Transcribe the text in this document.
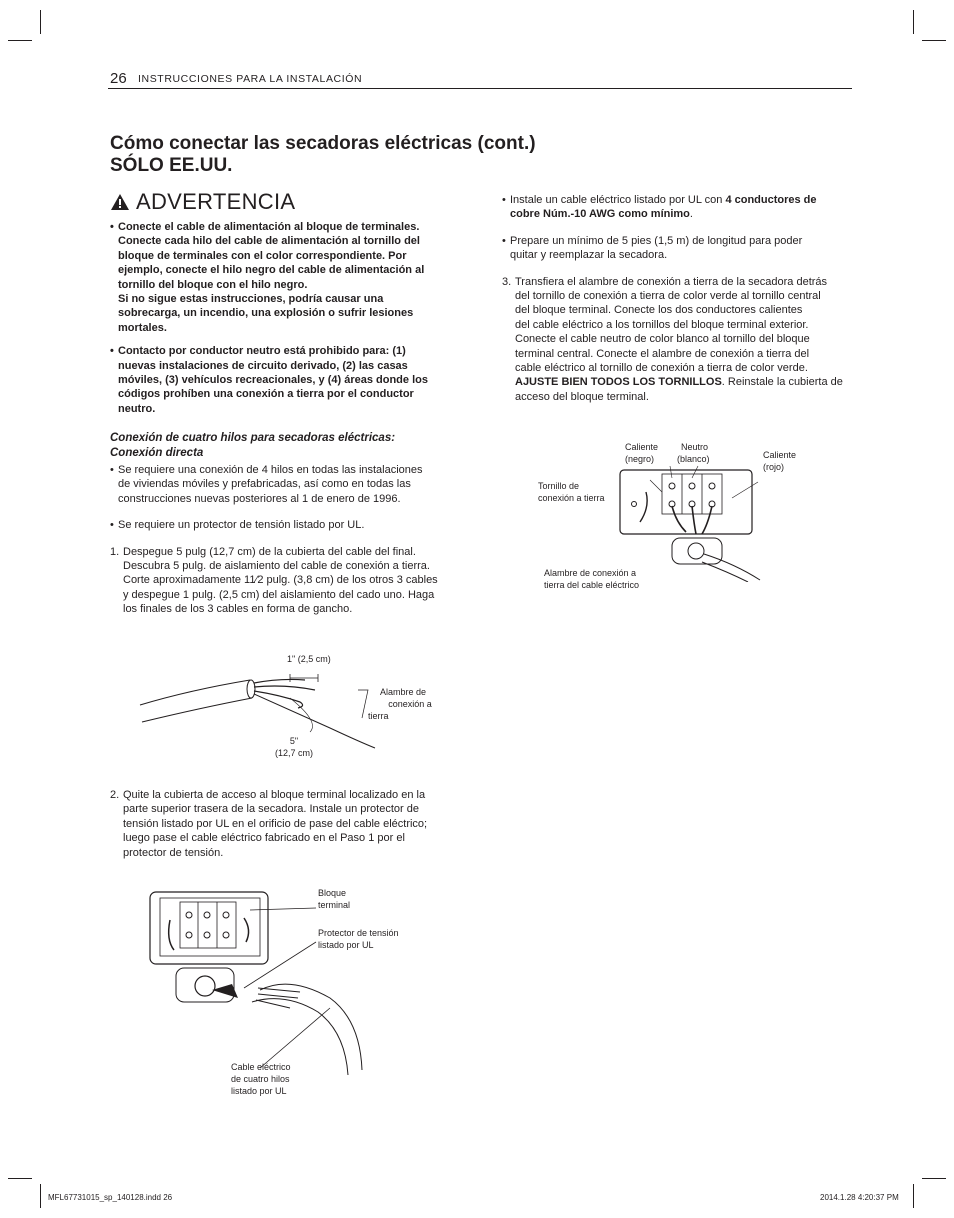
26 INSTRUCCIONES PARA LA INSTALACIÓN
Cómo conectar las secadoras eléctricas (cont.)
SÓLO EE.UU.
ADVERTENCIA
• Conecte el cable de alimentación al bloque de terminales.
Conecte cada hilo del cable de alimentación al tornillo del
bloque de terminales con el color correspondiente. Por
ejemplo, conecte el hilo negro del cable de alimentación al
tornillo del bloque con el hilo negro.
Si no sigue estas instrucciones, podría causar una
sobrecarga, un incendio, una explosión o sufrir lesiones
mortales.
• Contacto por conductor neutro está prohibido para: (1)
nuevas instalaciones de circuito derivado, (2) las casas
móviles, (3) vehículos recreacionales, y (4) áreas donde los
códigos prohíben una conexión a tierra por el conductor
neutro.
Conexión de cuatro hilos para secadoras eléctricas:
Conexión directa
• Se requiere una conexión de 4 hilos en todas las instalaciones
de viviendas móviles y prefabricadas, así como en todas las
construcciones nuevas posteriores al 1 de enero de 1996.
• Se requiere un protector de tensión listado por UL.
1. Despegue 5 pulg (12,7 cm) de la cubierta del cable del final.
Descubra 5 pulg. de aislamiento del cable de conexión a tierra.
Corte aproximadamente 11⁄2 pulg. (3,8 cm) de los otros 3 cables
y despegue 1 pulg. (2,5 cm) del aislamiento del cado uno. Haga
los finales de los 3 cables en forma de gancho.
1" (2,5 cm)
Alambre de
conexión a
tierra
5"
(12,7 cm)
2. Quite la cubierta de acceso al bloque terminal localizado en la
parte superior trasera de la secadora. Instale un protector de
tensión listado por UL en el orificio de pase del cable eléctrico;
luego pase el cable eléctrico fabricado en el Paso 1 por el
protector de tensión.
Bloque
terminal
Protector de tensión
listado por UL
Cable eléctrico
de cuatro hilos
listado por UL
• Instale un cable eléctrico listado por UL con 4 conductores de
cobre Núm.-10 AWG como mínimo.
• Prepare un mínimo de 5 pies (1,5 m) de longitud para poder
quitar y reemplazar la secadora.
3. Transfiera el alambre de conexión a tierra de la secadora detrás
del tornillo de conexión a tierra de color verde al tornillo central
del bloque terminal. Conecte los dos conductores calientes
del cable eléctrico a los tornillos del bloque terminal exterior.
Conecte el cable neutro de color blanco al tornillo del bloque
terminal central. Conecte el alambre de conexión a tierra del
cable eléctrico al tornillo de conexión a tierra de color verde.
AJUSTE BIEN TODOS LOS TORNILLOS. Reinstale la cubierta de
acceso del bloque terminal.
Caliente
(negro)
Neutro
(blanco)	Caliente
(rojo)
Tornillo de
conexión a tierra
Alambre de conexión a
tierra del cable eléctrico
MFL67731015_sp_140128.indd 26	2014.1.28 4:20:37 PM
